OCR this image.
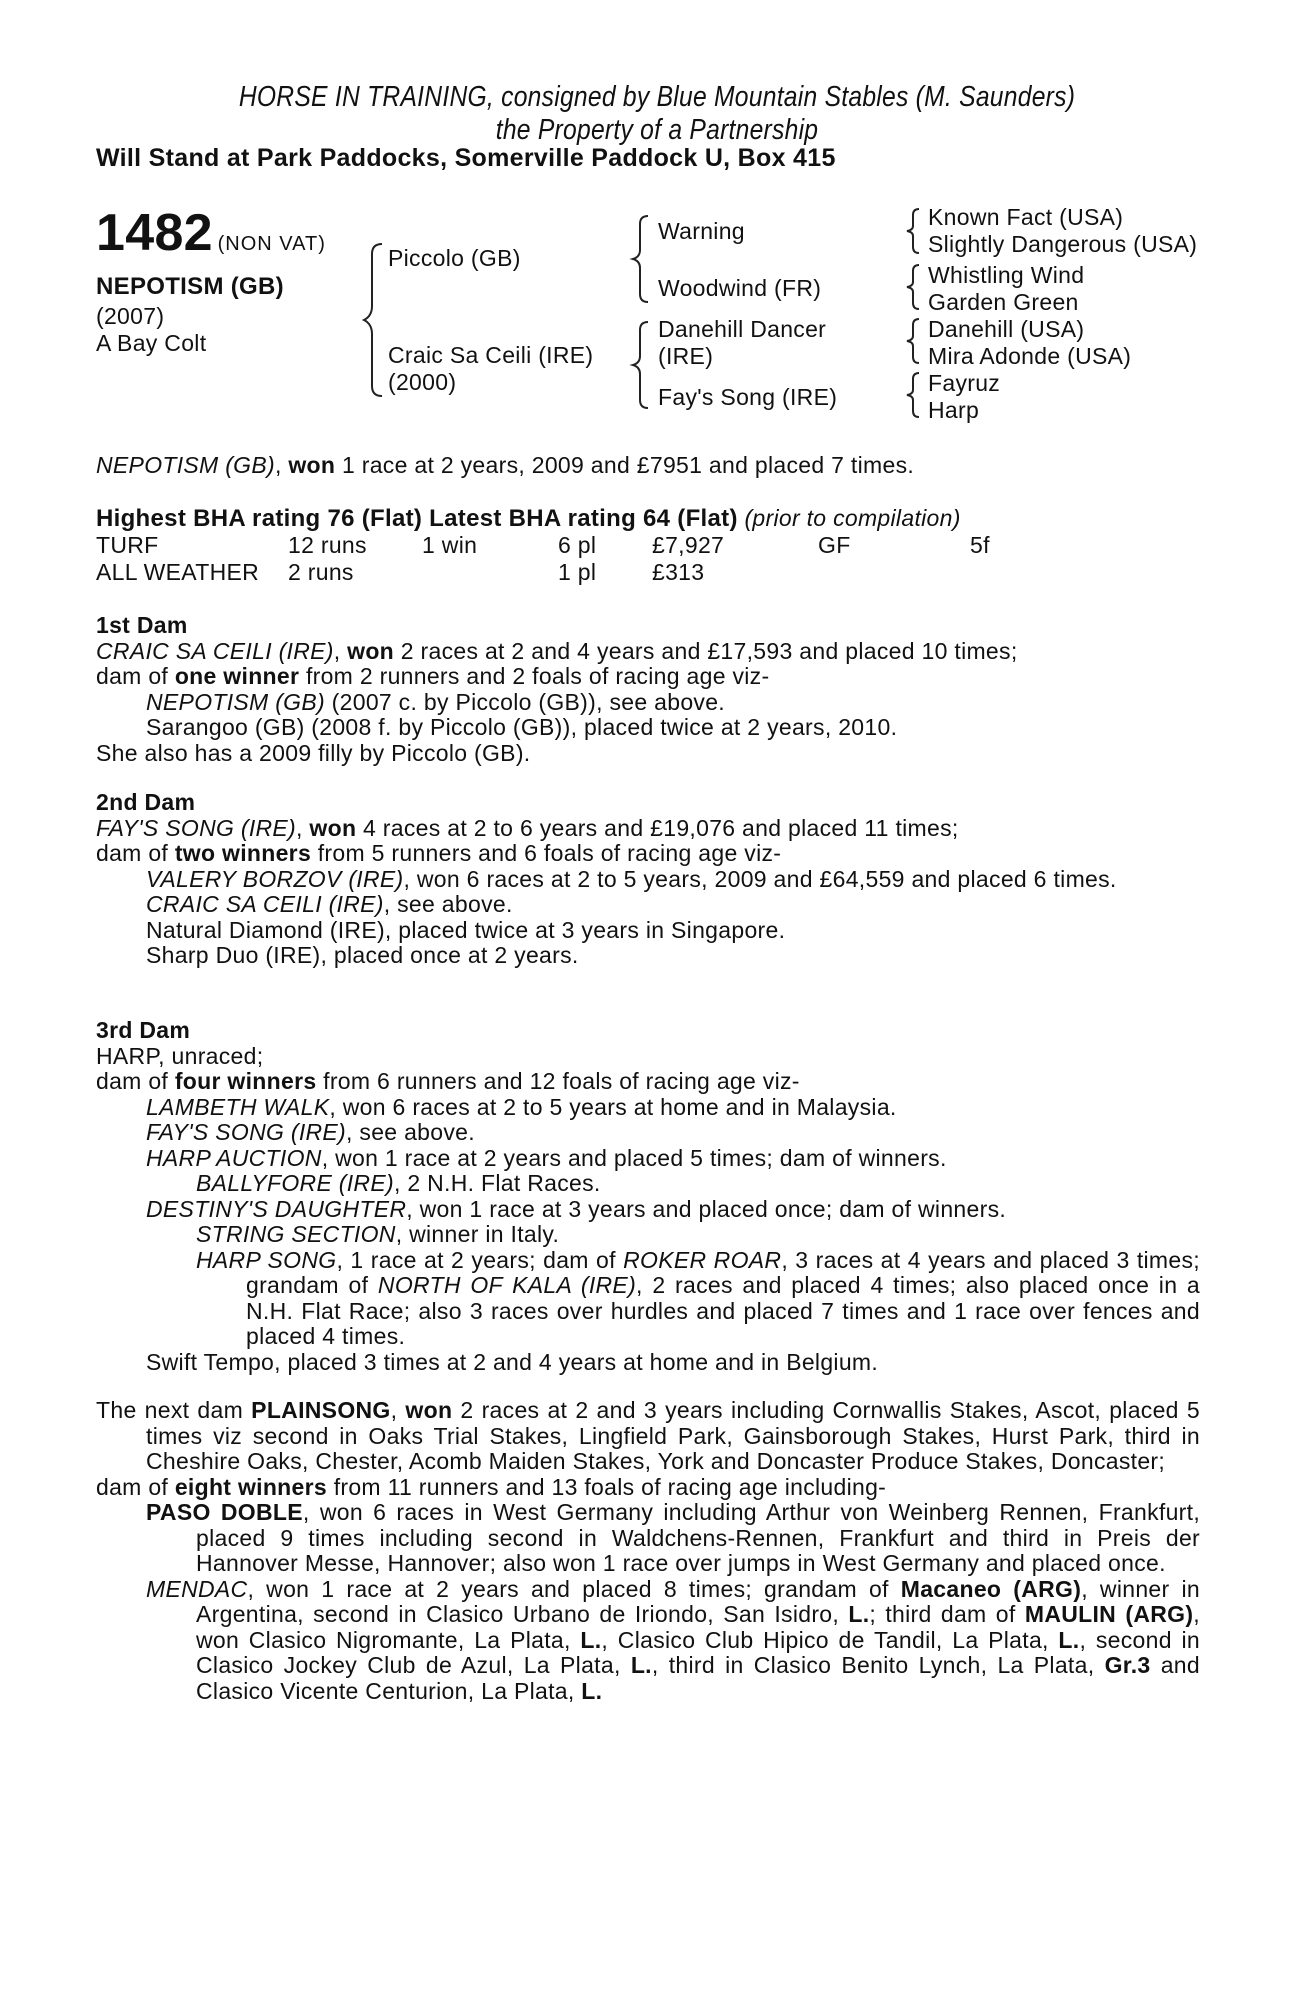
HORSE IN TRAINING, consigned by Blue Mountain Stables (M. Saunders)
the Property of a Partnership
Will Stand at Park Paddocks, Somerville Paddock U, Box 415
1482 (NON VAT)
NEPOTISM (GB)
(2007)
A Bay Colt
Piccolo (GB)
Craic Sa Ceili (IRE)
(2000)
Warning
Woodwind (FR)
Danehill Dancer
(IRE)
Fay's Song (IRE)
Known Fact (USA)
Slightly Dangerous (USA)
Whistling Wind
Garden Green
Danehill (USA)
Mira Adonde (USA)
Fayruz
Harp
NEPOTISM (GB), won 1 race at 2 years, 2009 and £7951 and placed 7 times.
Highest BHA rating 76 (Flat) Latest BHA rating 64 (Flat) (prior to compilation)
TURF	12 runs 1 win	6 pl £7,927	GF	5f
ALL WEATHER 2 runs	1 pl £313

1st Dam

CRAIC SA CEILI (IRE), won 2 races at 2 and 4 years and £17,593 and placed 10 times;

dam of one winner from 2 runners and 2 foals of racing age viz-

NEPOTISM (GB) (2007 c. by Piccolo (GB)), see above.

Sarangoo (GB) (2008 f. by Piccolo (GB)), placed twice at 2 years, 2010.

She also has a 2009 filly by Piccolo (GB).

2nd Dam

FAY'S SONG (IRE), won 4 races at 2 to 6 years and £19,076 and placed 11 times;

dam of two winners from 5 runners and 6 foals of racing age viz-

VALERY BORZOV (IRE), won 6 races at 2 to 5 years, 2009 and £64,559 and placed 6 times.

CRAIC SA CEILI (IRE), see above.

Natural Diamond (IRE), placed twice at 3 years in Singapore.

Sharp Duo (IRE), placed once at 2 years.

3rd Dam

HARP, unraced;

dam of four winners from 6 runners and 12 foals of racing age viz-

LAMBETH WALK, won 6 races at 2 to 5 years at home and in Malaysia.

FAY'S SONG (IRE), see above.

HARP AUCTION, won 1 race at 2 years and placed 5 times; dam of winners.

BALLYFORE (IRE), 2 N.H. Flat Races.

DESTINY'S DAUGHTER, won 1 race at 3 years and placed once; dam of winners.

STRING SECTION, winner in Italy.

HARP SONG, 1 race at 2 years; dam of ROKER ROAR, 3 races at 4 years and placed 3 times; grandam of NORTH OF KALA (IRE), 2 races and placed 4 times; also placed once in a N.H. Flat Race; also 3 races over hurdles and placed 7 times and 1 race over fences and placed 4 times.

Swift Tempo, placed 3 times at 2 and 4 years at home and in Belgium.

The next dam PLAINSONG, won 2 races at 2 and 3 years including Cornwallis Stakes, Ascot, placed 5 times viz second in Oaks Trial Stakes, Lingfield Park, Gainsborough Stakes, Hurst Park, third in Cheshire Oaks, Chester, Acomb Maiden Stakes, York and Doncaster Produce Stakes, Doncaster;

dam of eight winners from 11 runners and 13 foals of racing age including-

PASO DOBLE, won 6 races in West Germany including Arthur von Weinberg Rennen, Frankfurt, placed 9 times including second in Waldchens-Rennen, Frankfurt and third in Preis der Hannover Messe, Hannover; also won 1 race over jumps in West Germany and placed once.

MENDAC, won 1 race at 2 years and placed 8 times; grandam of Macaneo (ARG), winner in Argentina, second in Clasico Urbano de Iriondo, San Isidro, L.; third dam of MAULIN (ARG), won Clasico Nigromante, La Plata, L., Clasico Club Hipico de Tandil, La Plata, L., second in Clasico Jockey Club de Azul, La Plata, L., third in Clasico Benito Lynch, La Plata, Gr.3 and Clasico Vicente Centurion, La Plata, L.
